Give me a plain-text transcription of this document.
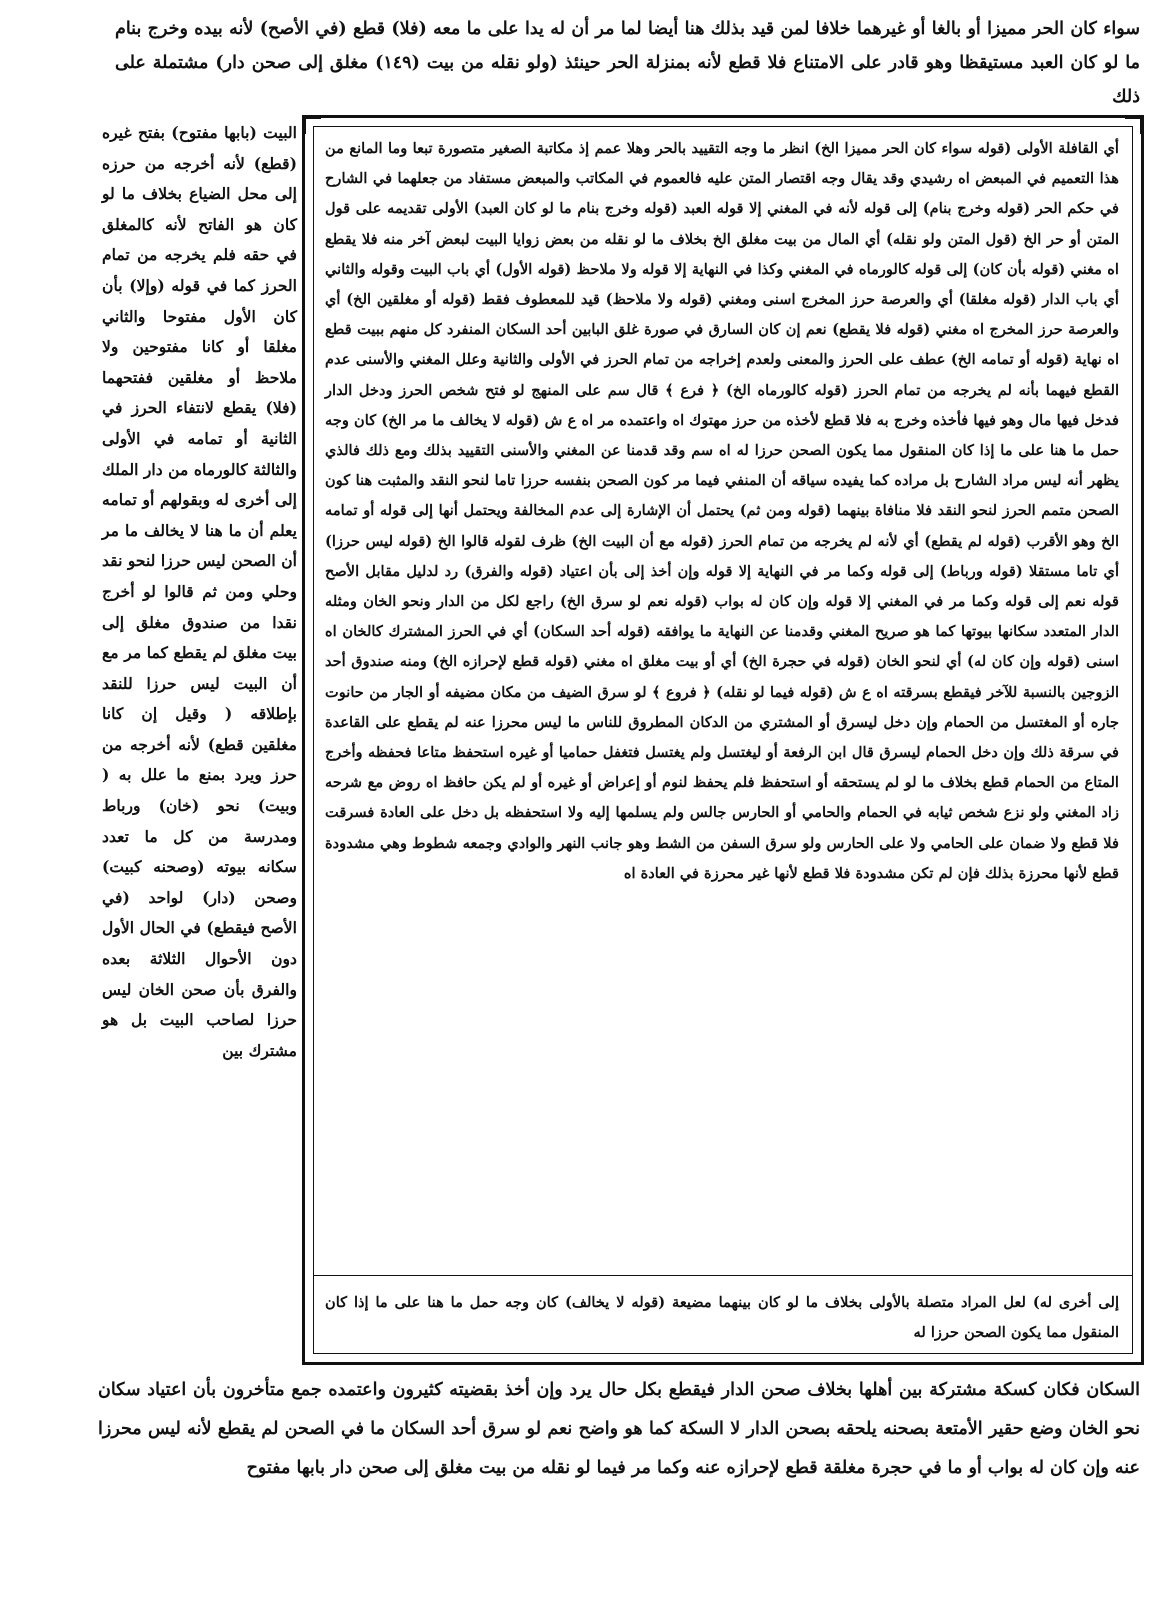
سواء كان الحر مميزا أو بالغا أو غيرهما خلافا لمن قيد بذلك هنا أيضا لما مر أن له يدا على ما معه (فلا) قطع (في الأصح) لأنه بيده وخرج بنام ما لو كان العبد مستيقظا وهو قادر على الامتناع فلا قطع لأنه بمنزلة الحر حينئذ (ولو نقله من بيت (١٤٩) مغلق إلى صحن دار) مشتملة على ذلك
أي القافلة الأولى (قوله سواء كان الحر مميزا الخ) انظر ما وجه التقييد بالحر وهلا عمم إذ مكاتبة الصغير متصورة تبعا وما المانع من هذا التعميم في المبعض اه رشيدي وقد يقال وجه اقتصار المتن عليه فالعموم في المكاتب والمبعض مستفاد من جعلهما في الشارح في حكم الحر (قوله وخرج بنام) إلى قوله لأنه في المغني إلا قوله العبد (قوله وخرج بنام ما لو كان العبد) الأولى تقديمه على قول المتن أو حر الخ (قول المتن ولو نقله) أي المال من بيت مغلق الخ بخلاف ما لو نقله من بعض زوايا البيت لبعض آخر منه فلا يقطع اه مغني (قوله بأن كان) إلى قوله كالورماه في المغني وكذا في النهاية إلا قوله ولا ملاحظ (قوله الأول) أي باب البيت وقوله والثاني أي باب الدار (قوله مغلقا) أي والعرصة حرز المخرج اسنى ومغني (قوله ولا ملاحظ) قيد للمعطوف فقط (قوله أو مغلقين الخ) أي والعرصة حرز المخرج اه مغني (قوله فلا يقطع) نعم إن كان السارق في صورة غلق البابين أحد السكان المنفرد كل منهم ببيت قطع اه نهاية (قوله أو تمامه الخ) عطف على الحرز والمعنى ولعدم إخراجه من تمام الحرز في الأولى والثانية وعلل المغني والأسنى عدم القطع فيهما بأنه لم يخرجه من تمام الحرز (قوله كالورماه الخ) ﴿ فرع ﴾ قال سم على المنهج لو فتح شخص الحرز ودخل الدار فدخل فيها مال وهو فيها فأخذه وخرج به فلا قطع لأخذه من حرز مهتوك اه واعتمده مر اه ع ش (قوله لا يخالف ما مر الخ) كان وجه حمل ما هنا على ما إذا كان المنقول مما يكون الصحن حرزا له اه سم وقد قدمنا عن المغني والأسنى التقييد بذلك ومع ذلك فالذي يظهر أنه ليس مراد الشارح بل مراده كما يفيده سياقه أن المنفي فيما مر كون الصحن بنفسه حرزا تاما لنحو النقد والمثبت هنا كون الصحن متمم الحرز لنحو النقد فلا منافاة بينهما (قوله ومن ثم) يحتمل أن الإشارة إلى عدم المخالفة ويحتمل أنها إلى قوله أو تمامه الخ وهو الأقرب (قوله لم يقطع) أي لأنه لم يخرجه من تمام الحرز (قوله مع أن البيت الخ) ظرف لقوله قالوا الخ (قوله ليس حرزا) أي تاما مستقلا (قوله ورباط) إلى قوله وكما مر في النهاية إلا قوله وإن أخذ إلى بأن اعتياد (قوله والفرق) رد لدليل مقابل الأصح قوله نعم إلى قوله وكما مر في المغني إلا قوله وإن كان له بواب (قوله نعم لو سرق الخ) راجع لكل من الدار ونحو الخان ومثله الدار المتعدد سكانها بيوتها كما هو صريح المغني وقدمنا عن النهاية ما يوافقه (قوله أحد السكان) أي في الحرز المشترك كالخان اه اسنى (قوله وإن كان له) أي لنحو الخان (قوله في حجرة الخ) أي أو بيت مغلق اه مغني (قوله قطع لإحرازه الخ) ومنه صندوق أحد الزوجين بالنسبة للآخر فيقطع بسرقته اه ع ش (قوله فيما لو نقله) ﴿ فروع ﴾ لو سرق الضيف من مكان مضيفه أو الجار من حانوت جاره أو المغتسل من الحمام وإن دخل ليسرق أو المشتري من الدكان المطروق للناس ما ليس محرزا عنه لم يقطع على القاعدة في سرقة ذلك وإن دخل الحمام ليسرق قال ابن الرفعة أو ليغتسل ولم يغتسل فتغفل حماميا أو غيره استحفظ متاعا فحفظه وأخرج المتاع من الحمام قطع بخلاف ما لو لم يستحقه أو استحفظ فلم يحفظ لنوم أو إعراض أو غيره أو لم يكن حافظ اه روض مع شرحه زاد المغني ولو نزع شخص ثيابه في الحمام والحامي أو الحارس جالس ولم يسلمها إليه ولا استحفظه بل دخل على العادة فسرقت فلا قطع ولا ضمان على الحامي ولا على الحارس ولو سرق السفن من الشط وهو جانب النهر والوادي وجمعه شطوط وهي مشدودة قطع لأنها محرزة بذلك فإن لم تكن مشدودة فلا قطع لأنها غير محرزة في العادة اه
إلى أخرى له) لعل المراد متصلة بالأولى بخلاف ما لو كان بينهما مضيعة (قوله لا يخالف) كان وجه حمل ما هنا على ما إذا كان المنقول مما يكون الصحن حرزا له
البيت (بابها مفتوح) بفتح غيره (قطع) لأنه أخرجه من حرزه إلى محل الضياع بخلاف ما لو كان هو الفاتح لأنه كالمغلق في حقه فلم يخرجه من تمام الحرز كما في قوله (وإلا) بأن كان الأول مفتوحا والثاني مغلقا أو كانا مفتوحين ولا ملاحظ أو مغلقين ففتحهما (فلا) يقطع لانتفاء الحرز في الثانية أو تمامه في الأولى والثالثة كالورماه من دار الملك إلى أخرى له وبقولهم أو تمامه يعلم أن ما هنا لا يخالف ما مر أن الصحن ليس حرزا لنحو نقد وحلي ومن ثم قالوا لو أخرج نقدا من صندوق مغلق إلى بيت مغلق لم يقطع كما مر مع أن البيت ليس حرزا للنقد بإطلاقه ( وقيل إن كانا مغلقين قطع) لأنه أخرجه من حرز ويرد بمنع ما علل به ( وبيت) نحو (خان) ورباط ومدرسة من كل ما تعدد سكانه بيوته (وصحنه كبيت) وصحن (دار) لواحد (في الأصح فيقطع) في الحال الأول دون الأحوال الثلاثة بعده والفرق بأن صحن الخان ليس حرزا لصاحب البيت بل هو مشترك بين
السكان فكان كسكة مشتركة بين أهلها بخلاف صحن الدار فيقطع بكل حال يرد وإن أخذ بقضيته كثيرون واعتمده جمع متأخرون بأن اعتياد سكان نحو الخان وضع حقير الأمتعة بصحنه يلحقه بصحن الدار لا السكة كما هو واضح نعم لو سرق أحد السكان ما في الصحن لم يقطع لأنه ليس محرزا عنه وإن كان له بواب أو ما في حجرة مغلقة قطع لإحرازه عنه وكما مر فيما لو نقله من بيت مغلق إلى صحن دار بابها مفتوح
